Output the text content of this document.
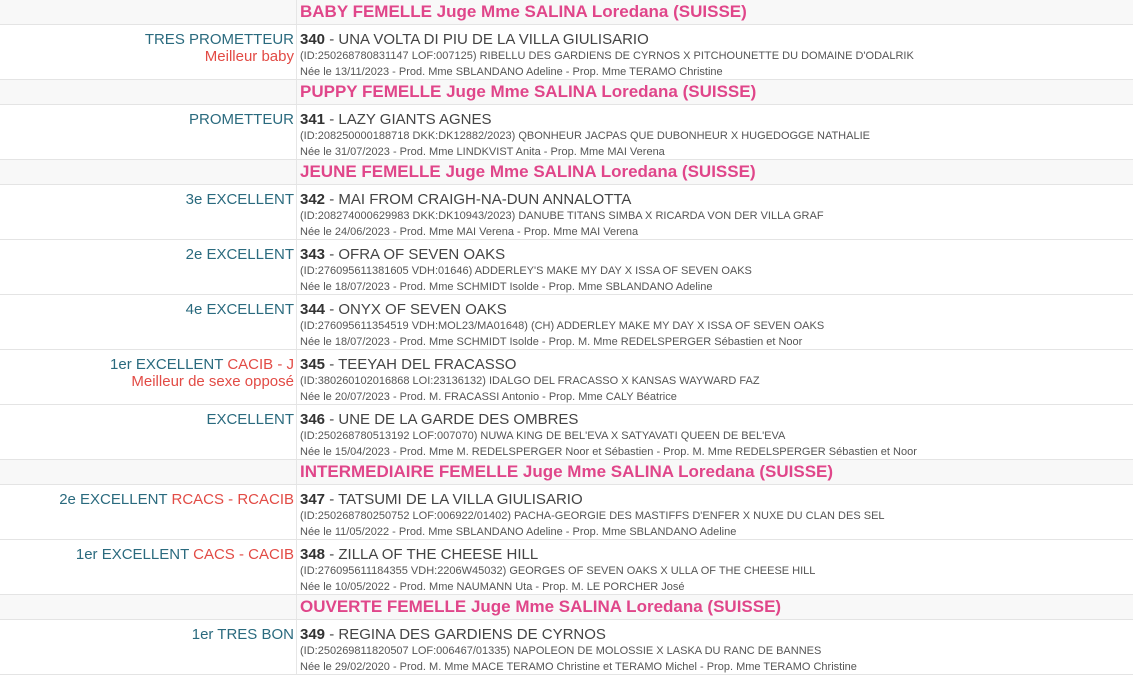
BABY FEMELLE Juge Mme SALINA Loredana (SUISSE)
TRES PROMETTEUR
Meilleur baby
340 - UNA VOLTA DI PIU DE LA VILLA GIULISARIO
(ID:250268780831147 LOF:007125) RIBELLU DES GARDIENS DE CYRNOS X PITCHOUNETTE DU DOMAINE D'ODALRIK
Née le 13/11/2023 - Prod. Mme SBLANDANO Adeline - Prop. Mme TERAMO Christine
PUPPY FEMELLE Juge Mme SALINA Loredana (SUISSE)
PROMETTEUR 341 - LAZY GIANTS AGNES
(ID:208250000188718 DKK:DK12882/2023) QBONHEUR JACPAS QUE DUBONHEUR X HUGEDOGGE NATHALIE
Née le 31/07/2023 - Prod. Mme LINDKVIST Anita - Prop. Mme MAI Verena
JEUNE FEMELLE Juge Mme SALINA Loredana (SUISSE)
3e EXCELLENT 342 - MAI FROM CRAIGH-NA-DUN ANNALOTTA
(ID:208274000629983 DKK:DK10943/2023) DANUBE TITANS SIMBA X RICARDA VON DER VILLA GRAF
Née le 24/06/2023 - Prod. Mme MAI Verena - Prop. Mme MAI Verena
2e EXCELLENT 343 - OFRA OF SEVEN OAKS
(ID:276095611381605 VDH:01646) ADDERLEY'S MAKE MY DAY X ISSA OF SEVEN OAKS
Née le 18/07/2023 - Prod. Mme SCHMIDT Isolde - Prop. Mme SBLANDANO Adeline
4e EXCELLENT 344 - ONYX OF SEVEN OAKS
(ID:276095611354519 VDH:MOL23/MA01648) (CH) ADDERLEY MAKE MY DAY X ISSA OF SEVEN OAKS
Née le 18/07/2023 - Prod. Mme SCHMIDT Isolde - Prop. M. Mme REDELSPERGER Sébastien et Noor
1er EXCELLENT CACIB - J
Meilleur de sexe opposé
345 - TEEYAH DEL FRACASSO
(ID:380260102016868 LOI:23136132) IDALGO DEL FRACASSO X KANSAS WAYWARD FAZ
Née le 20/07/2023 - Prod. M. FRACASSI Antonio - Prop. Mme CALY Béatrice
EXCELLENT 346 - UNE DE LA GARDE DES OMBRES
(ID:250268780513192 LOF:007070) NUWA KING DE BEL'EVA X SATYAVATI QUEEN DE BEL'EVA
Née le 15/04/2023 - Prod. Mme M. REDELSPERGER Noor et Sébastien - Prop. M. Mme REDELSPERGER Sébastien et Noor
INTERMEDIAIRE FEMELLE Juge Mme SALINA Loredana (SUISSE)
2e EXCELLENT RCACS - RCACIB 347 - TATSUMI DE LA VILLA GIULISARIO
(ID:250268780250752 LOF:006922/01402) PACHA-GEORGIE DES MASTIFFS D'ENFER X NUXE DU CLAN DES SEL
Née le 11/05/2022 - Prod. Mme SBLANDANO Adeline - Prop. Mme SBLANDANO Adeline
1er EXCELLENT CACS - CACIB 348 - ZILLA OF THE CHEESE HILL
(ID:276095611184355 VDH:2206W45032) GEORGES OF SEVEN OAKS X ULLA OF THE CHEESE HILL
Née le 10/05/2022 - Prod. Mme NAUMANN Uta - Prop. M. LE PORCHER José
OUVERTE FEMELLE Juge Mme SALINA Loredana (SUISSE)
1er TRES BON 349 - REGINA DES GARDIENS DE CYRNOS
(ID:250269811820507 LOF:006467/01335) NAPOLEON DE MOLOSSIE X LASKA DU RANC DE BANNES
Née le 29/02/2020 - Prod. M. Mme MACE TERAMO Christine et TERAMO Michel - Prop. Mme TERAMO Christine
